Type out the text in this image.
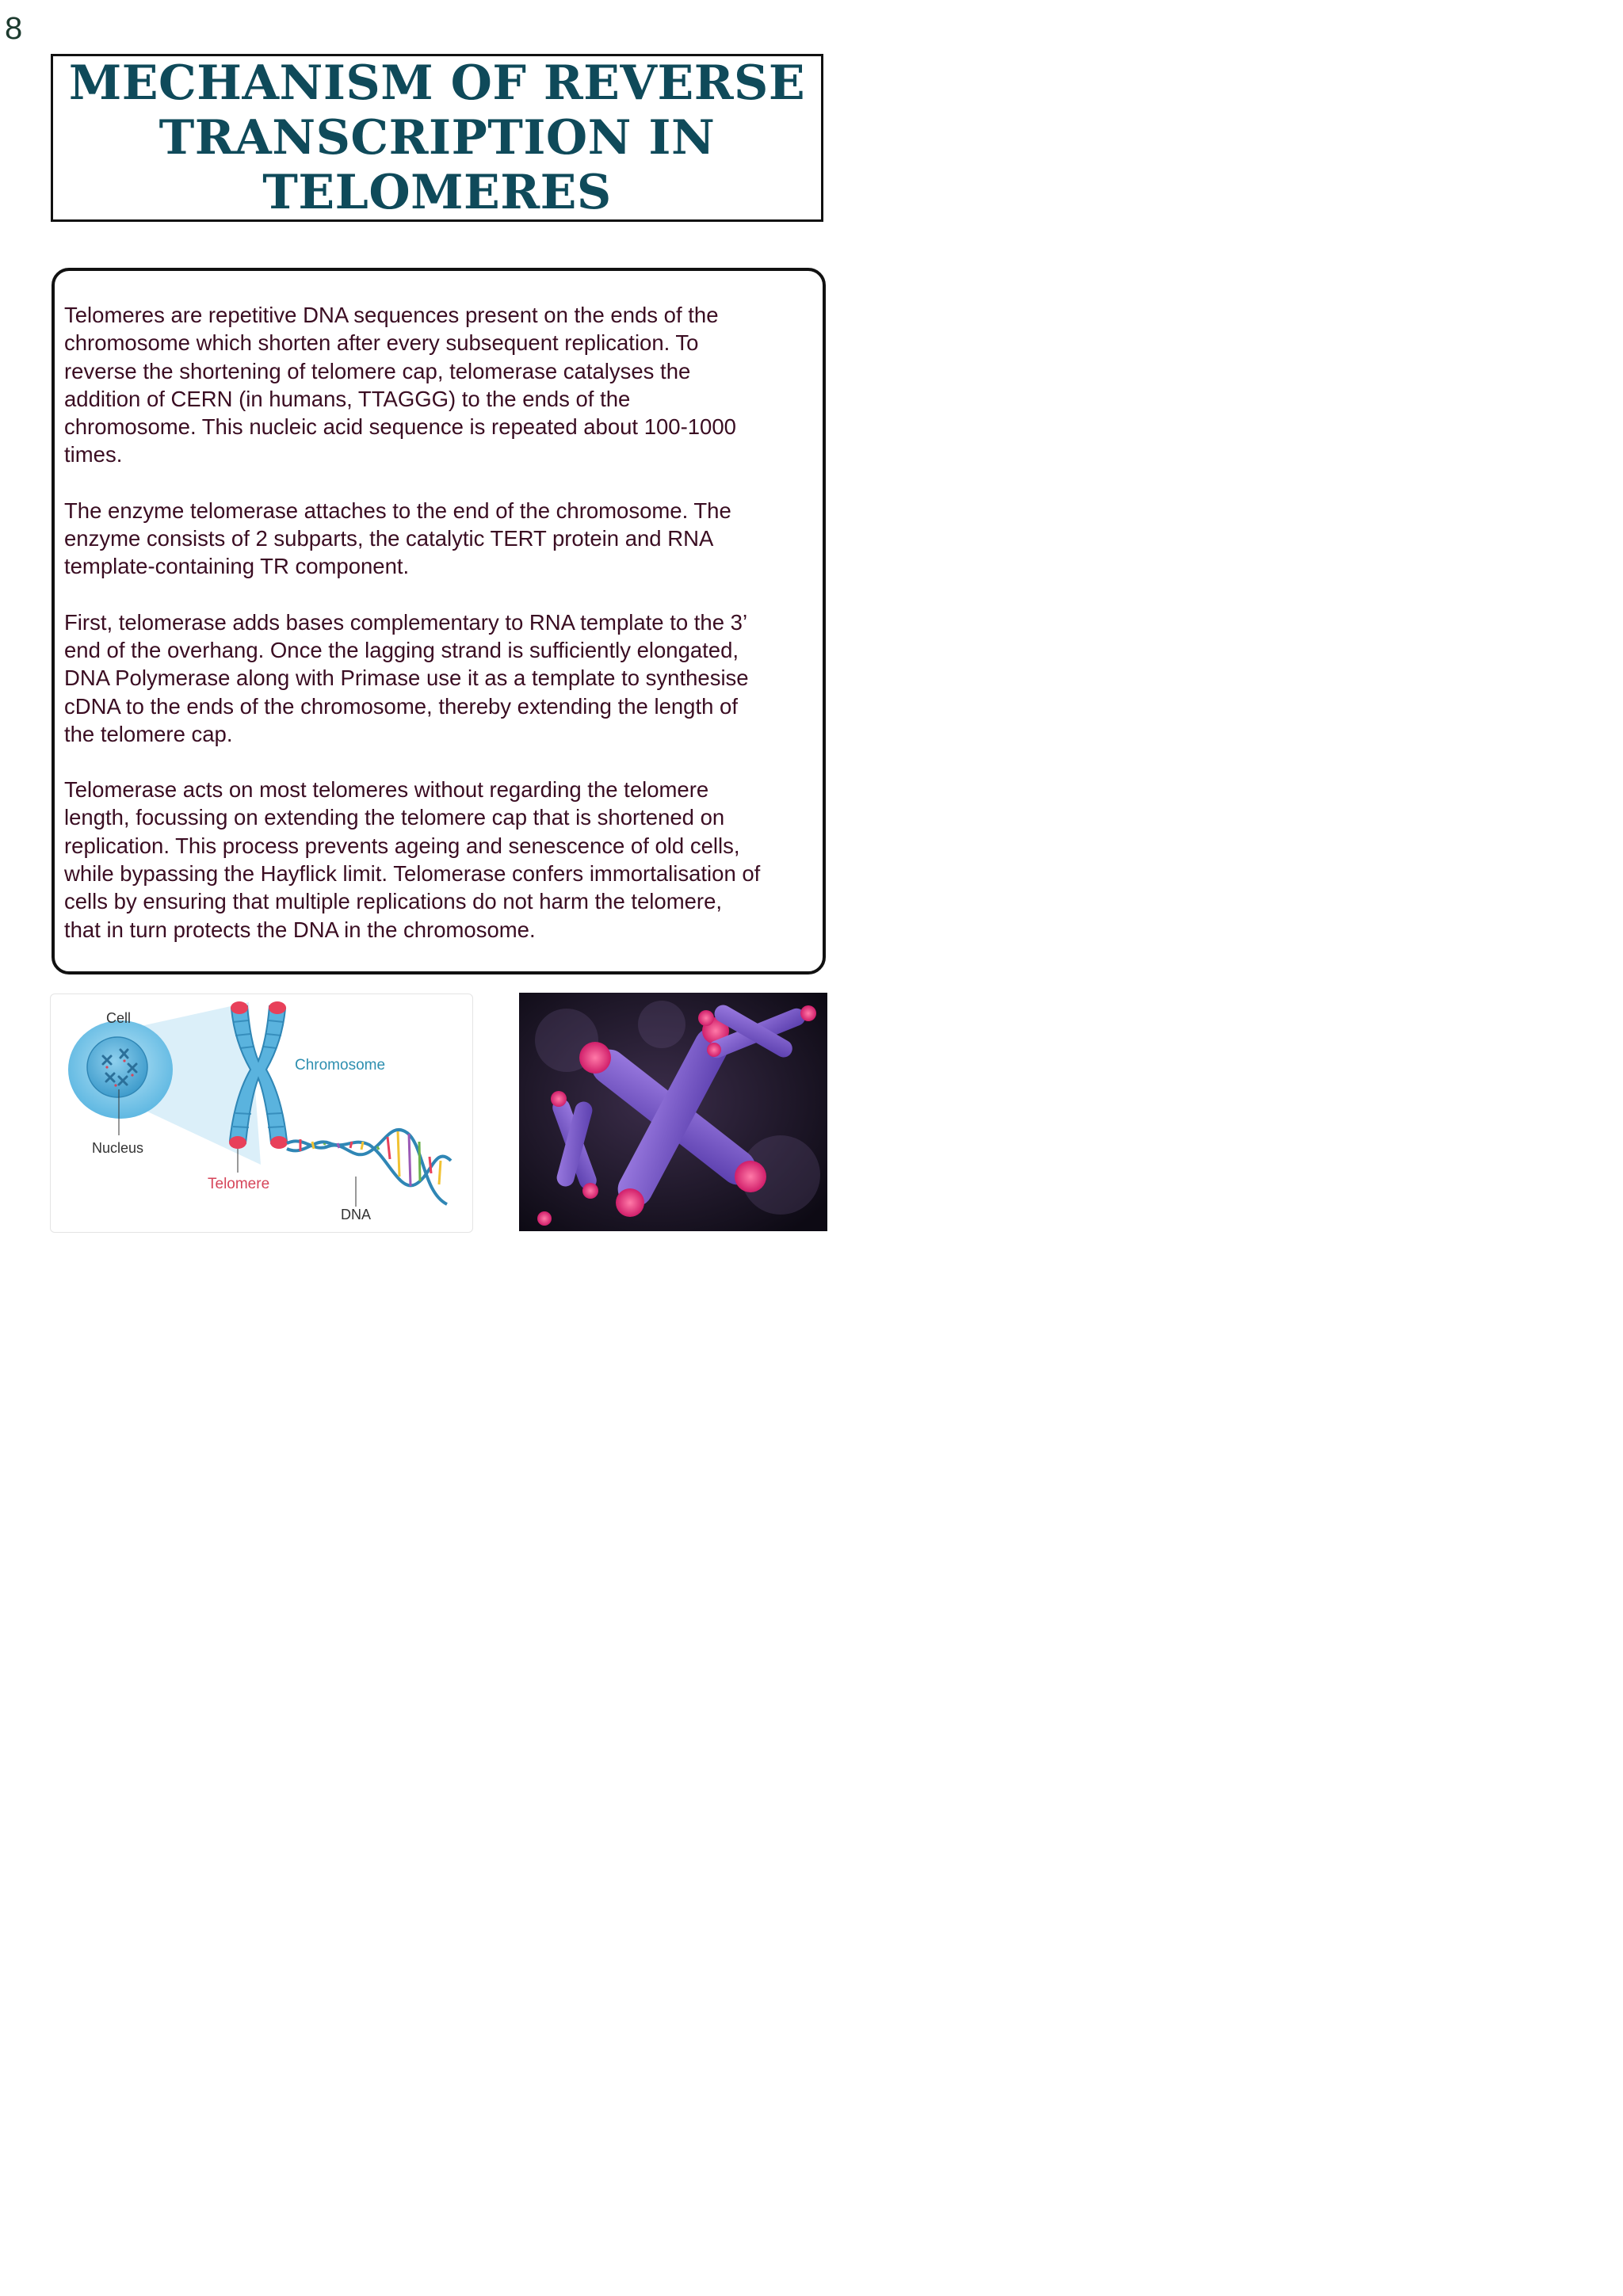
8
MECHANISM OF REVERSE TRANSCRIPTION IN TELOMERES

Telomeres are repetitive DNA sequences present on the ends of the
chromosome which shorten after every subsequent replication. To
reverse the shortening of telomere cap, telomerase catalyses the
addition of CERN (in humans, TTAGGG) to the ends of the
chromosome. This nucleic acid sequence is repeated about 100-1000
times.

The enzyme telomerase attaches to the end of the chromosome. The
enzyme consists of 2 subparts, the catalytic TERT protein and RNA
template-containing TR component.

First, telomerase adds bases complementary to RNA template to the 3’
end of the overhang. Once the lagging strand is sufficiently elongated,
DNA Polymerase along with Primase use it as a template to synthesise
cDNA to the ends of the chromosome, thereby extending the length of
the telomere cap.

Telomerase acts on most telomeres without regarding the telomere
length, focussing on extending the telomere cap that is shortened on
replication. This process prevents ageing and senescence of old cells,
while bypassing the Hayflick limit. Telomerase confers immortalisation of
cells by ensuring that multiple replications do not harm the telomere,
that in turn protects the DNA in the chromosome.

Cell
Nucleus
Chromosome
Telomere
DNA
